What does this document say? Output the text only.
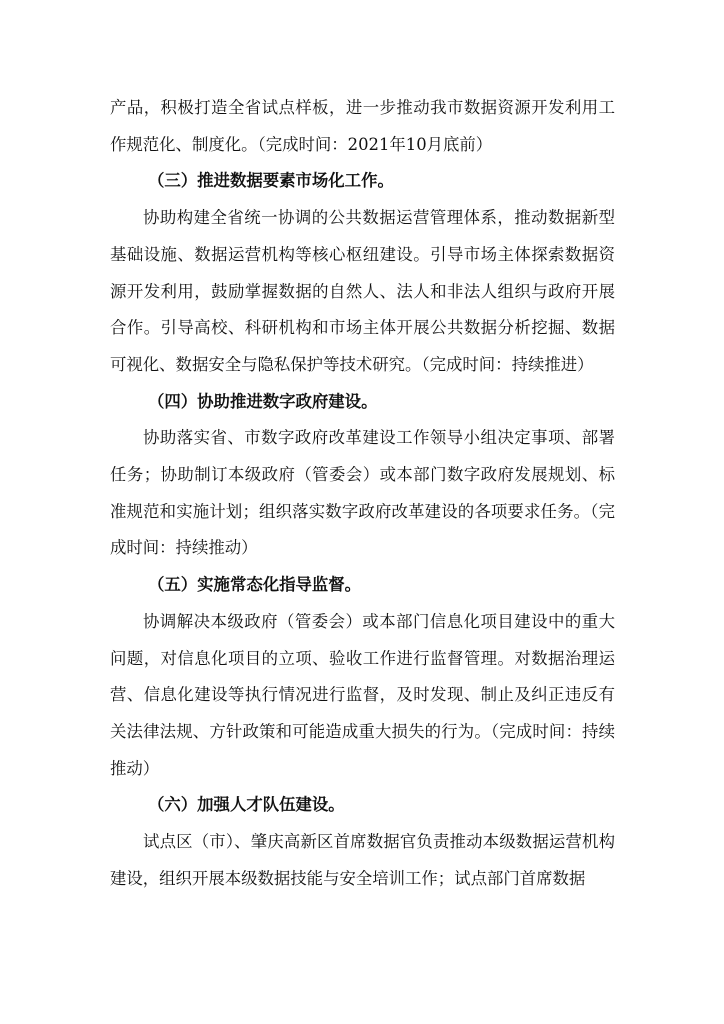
产品，积极打造全省试点样板，进一步推动我市数据资源开发利用工作规范化、制度化。（完成时间：2021年10月底前）

（三）推进数据要素市场化工作。

协助构建全省统一协调的公共数据运营管理体系，推动数据新型基础设施、数据运营机构等核心枢纽建设。引导市场主体探索数据资源开发利用，鼓励掌握数据的自然人、法人和非法人组织与政府开展合作。引导高校、科研机构和市场主体开展公共数据分析挖掘、数据可视化、数据安全与隐私保护等技术研究。（完成时间：持续推进）

（四）协助推进数字政府建设。

协助落实省、市数字政府改革建设工作领导小组决定事项、部署任务；协助制订本级政府（管委会）或本部门数字政府发展规划、标准规范和实施计划；组织落实数字政府改革建设的各项要求任务。（完成时间：持续推动）

（五）实施常态化指导监督。

协调解决本级政府（管委会）或本部门信息化项目建设中的重大问题，对信息化项目的立项、验收工作进行监督管理。对数据治理运营、信息化建设等执行情况进行监督，及时发现、制止及纠正违反有关法律法规、方针政策和可能造成重大损失的行为。（完成时间：持续推动）

（六）加强人才队伍建设。

试点区（市）、肇庆高新区首席数据官负责推动本级数据运营机构建设，组织开展本级数据技能与安全培训工作；试点部门首席数据
